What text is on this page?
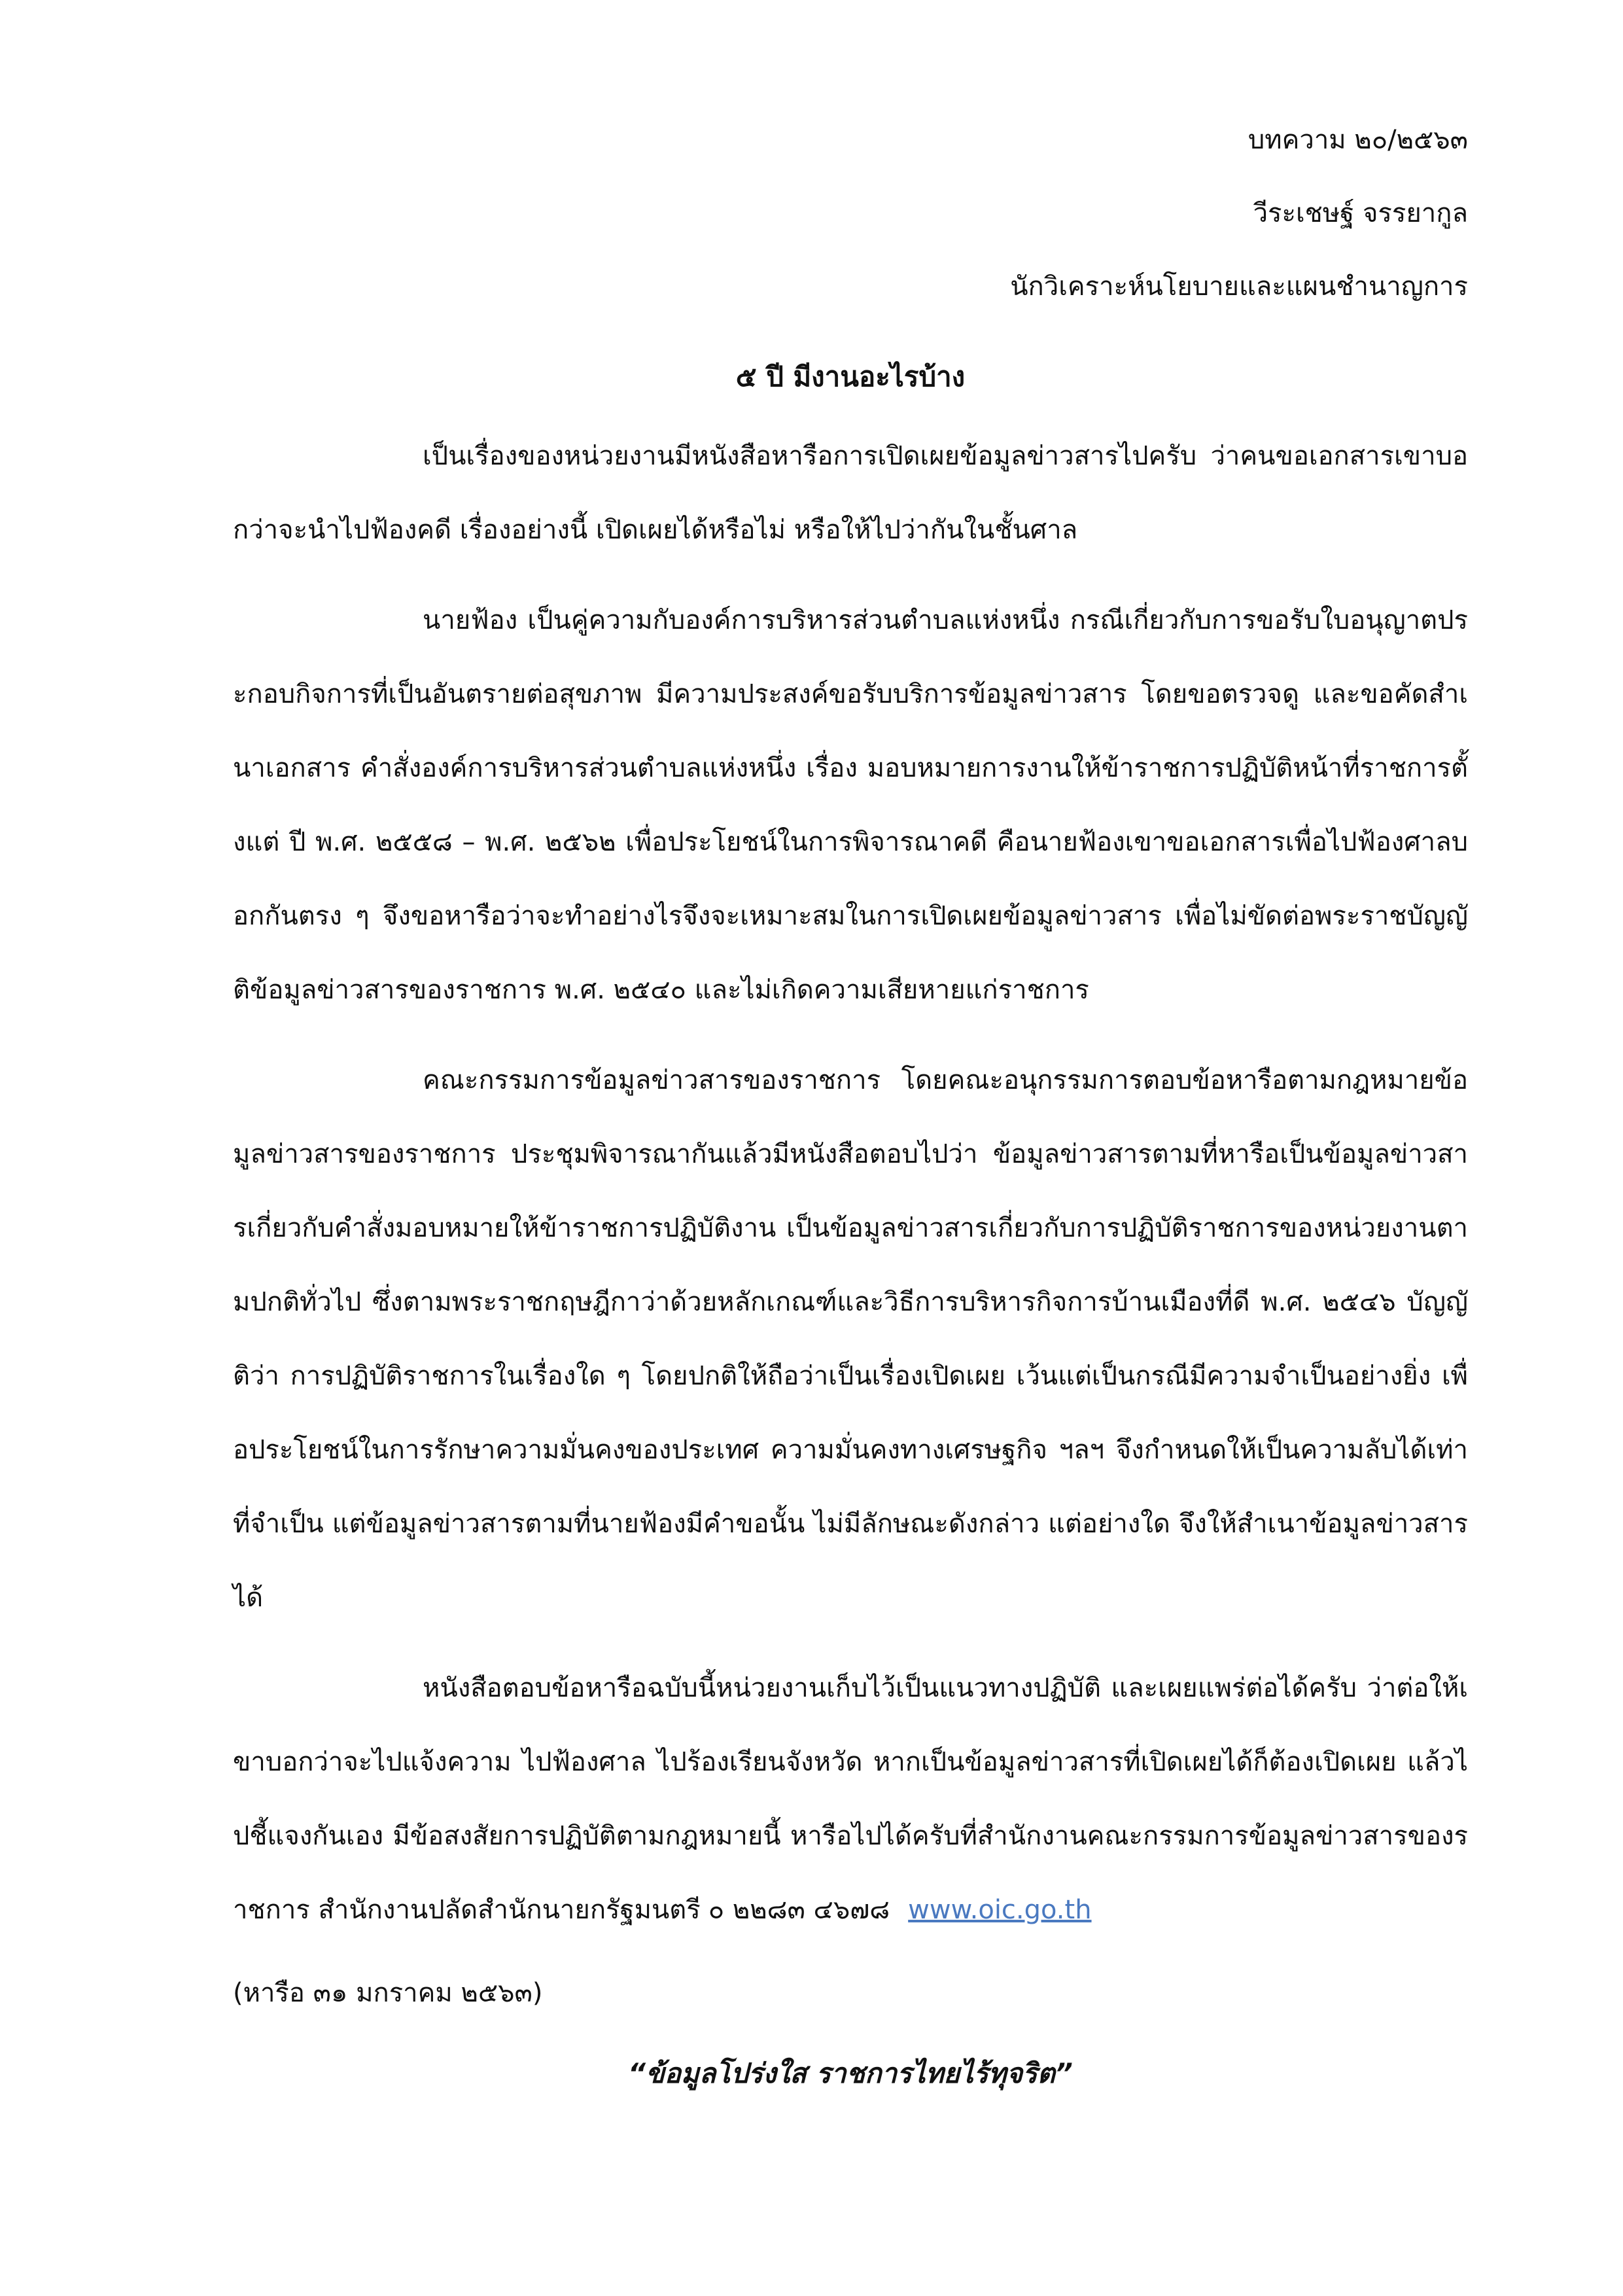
บทความ ๒๐/๒๕๖๓
วีระเชษฐ์ จรรยากูล
นักวิเคราะห์นโยบายและแผนชำนาญการ
๕ ปี มีงานอะไรบ้าง

เป็นเรื่องของหน่วยงานมีหนังสือหารือการเปิดเผยข้อมูลข่าวสารไปครับ ว่าคนขอเอกสารเขาบอกว่าจะนำไปฟ้องคดี เรื่องอย่างนี้ เปิดเผยได้หรือไม่ หรือให้ไปว่ากันในชั้นศาล

นายฟ้อง เป็นคู่ความกับองค์การบริหารส่วนตำบลแห่งหนึ่ง กรณีเกี่ยวกับการขอรับใบอนุญาตประกอบกิจการที่เป็นอันตรายต่อสุขภาพ มีความประสงค์ขอรับบริการข้อมูลข่าวสาร โดยขอตรวจดู และขอคัดสำเนาเอกสาร คำสั่งองค์การบริหารส่วนตำบลแห่งหนึ่ง เรื่อง มอบหมายการงานให้ข้าราชการปฏิบัติหน้าที่ราชการตั้งแต่ ปี พ.ศ. ๒๕๕๘ – พ.ศ. ๒๕๖๒ เพื่อประโยชน์ในการพิจารณาคดี คือนายฟ้องเขาขอเอกสารเพื่อไปฟ้องศาลบอกกันตรง ๆ จึงขอหารือว่าจะทำอย่างไรจึงจะเหมาะสมในการเปิดเผยข้อมูลข่าวสาร เพื่อไม่ขัดต่อพระราชบัญญัติข้อมูลข่าวสารของราชการ พ.ศ. ๒๕๔๐ และไม่เกิดความเสียหายแก่ราชการ

คณะกรรมการข้อมูลข่าวสารของราชการ โดยคณะอนุกรรมการตอบข้อหารือตามกฎหมายข้อมูลข่าวสารของราชการ ประชุมพิจารณากันแล้วมีหนังสือตอบไปว่า ข้อมูลข่าวสารตามที่หารือเป็นข้อมูลข่าวสารเกี่ยวกับคำสั่งมอบหมายให้ข้าราชการปฏิบัติงาน เป็นข้อมูลข่าวสารเกี่ยวกับการปฏิบัติราชการของหน่วยงานตามปกติทั่วไป ซึ่งตามพระราชกฤษฎีกาว่าด้วยหลักเกณฑ์และวิธีการบริหารกิจการบ้านเมืองที่ดี พ.ศ. ๒๕๔๖ บัญญัติว่า การปฏิบัติราชการในเรื่องใด ๆ โดยปกติให้ถือว่าเป็นเรื่องเปิดเผย เว้นแต่เป็นกรณีมีความจำเป็นอย่างยิ่ง เพื่อประโยชน์ในการรักษาความมั่นคงของประเทศ ความมั่นคงทางเศรษฐกิจ ฯลฯ จึงกำหนดให้เป็นความลับได้เท่าที่จำเป็น แต่ข้อมูลข่าวสารตามที่นายฟ้องมีคำขอนั้น ไม่มีลักษณะดังกล่าว แต่อย่างใด จึงให้สำเนาข้อมูลข่าวสารได้

หนังสือตอบข้อหารือฉบับนี้หน่วยงานเก็บไว้เป็นแนวทางปฏิบัติ และเผยแพร่ต่อได้ครับ ว่าต่อให้เขาบอกว่าจะไปแจ้งความ ไปฟ้องศาล ไปร้องเรียนจังหวัด หากเป็นข้อมูลข่าวสารที่เปิดเผยได้ก็ต้องเปิดเผย แล้วไปชี้แจงกันเอง มีข้อสงสัยการปฏิบัติตามกฎหมายนี้ หารือไปได้ครับที่สำนักงานคณะกรรมการข้อมูลข่าวสารของราชการ สำนักงานปลัดสำนักนายกรัฐมนตรี ๐ ๒๒๘๓ ๔๖๗๘ www.oic.go.th

(หารือ ๓๑ มกราคม ๒๕๖๓)

“ข้อมูลโปร่งใส ราชการไทยไร้ทุจริต”
